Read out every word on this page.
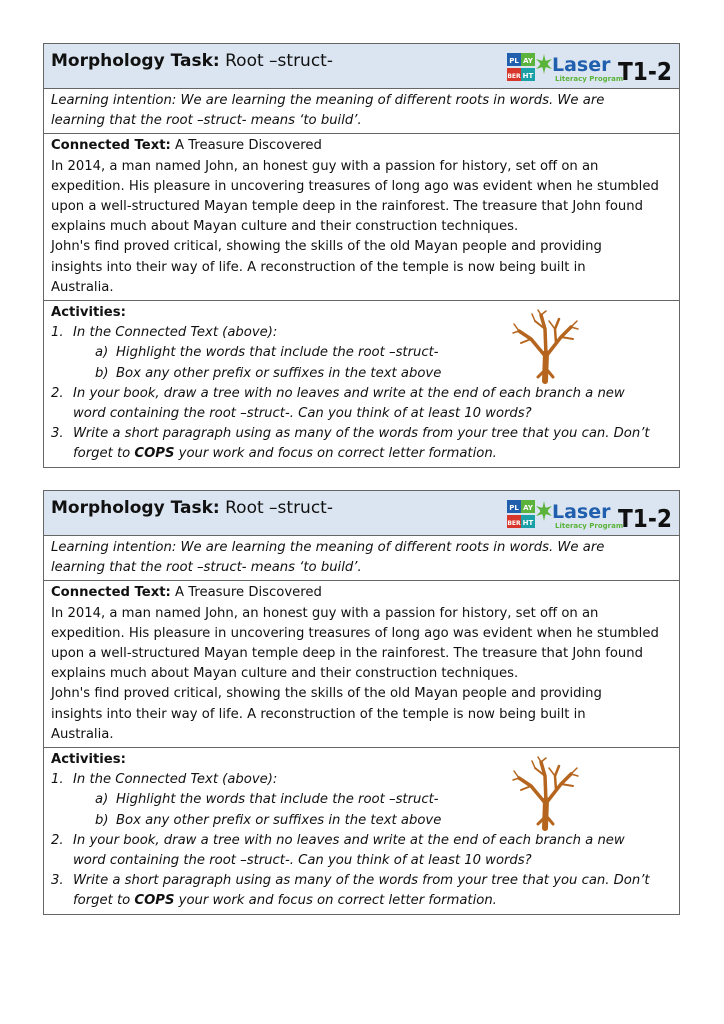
Morphology Task: Root –struct-	PL AY
BER HT Laser
Literacy Program
T1-2
Learning intention: We are learning the meaning of different roots in words. We are
learning that the root –struct- means ‘to build’.
Connected Text: A Treasure Discovered
In 2014, a man named John, an honest guy with a passion for history, set off on an
expedition. His pleasure in uncovering treasures of long ago was evident when he stumbled
upon a well-structured Mayan temple deep in the rainforest. The treasure that John found
explains much about Mayan culture and their construction techniques.
John's find proved critical, showing the skills of the old Mayan people and providing
insights into their way of life. A reconstruction of the temple is now being built in
Australia.
Activities:
1. In the Connected Text (above):
a) Highlight the words that include the root –struct-
b) Box any other prefix or suffixes in the text above
2. In your book, draw a tree with no leaves and write at the end of each branch a new
word containing the root –struct-. Can you think of at least 10 words?
3. Write a short paragraph using as many of the words from your tree that you can. Don’t
forget to COPS your work and focus on correct letter formation.
Morphology Task: Root –struct-	PL AY
BER HT Laser
Literacy Program
T1-2
Learning intention: We are learning the meaning of different roots in words. We are
learning that the root –struct- means ‘to build’.
Connected Text: A Treasure Discovered
In 2014, a man named John, an honest guy with a passion for history, set off on an
expedition. His pleasure in uncovering treasures of long ago was evident when he stumbled
upon a well-structured Mayan temple deep in the rainforest. The treasure that John found
explains much about Mayan culture and their construction techniques.
John's find proved critical, showing the skills of the old Mayan people and providing
insights into their way of life. A reconstruction of the temple is now being built in
Australia.
Activities:
1. In the Connected Text (above):
a) Highlight the words that include the root –struct-
b) Box any other prefix or suffixes in the text above
2. In your book, draw a tree with no leaves and write at the end of each branch a new
word containing the root –struct-. Can you think of at least 10 words?
3. Write a short paragraph using as many of the words from your tree that you can. Don’t
forget to COPS your work and focus on correct letter formation.
